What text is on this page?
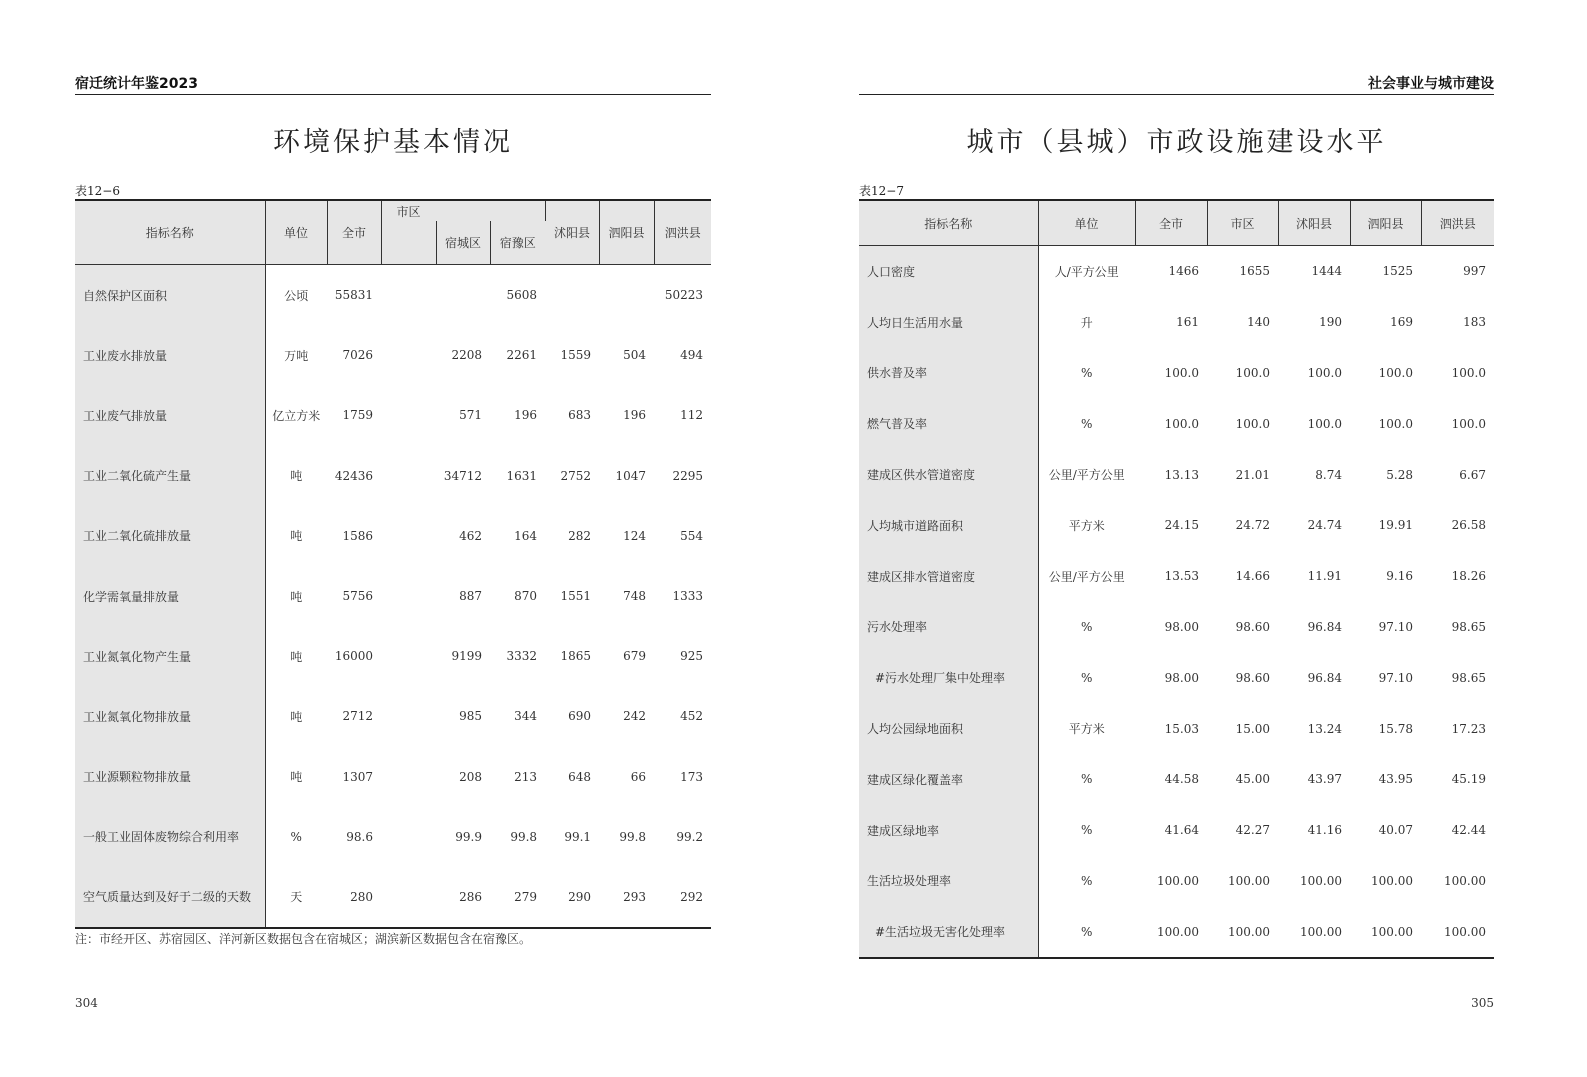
宿迁统计年鉴2023
环境保护基本情况
表12−6
指标名称	单位	全市	市区			沭阳县	泗阳县	泗洪县
				宿城区	宿豫区			
自然保护区面积	公顷	55831			5608			50223
工业废水排放量	万吨	7026		2208	2261	1559	504	494
工业废气排放量	亿立方米	1759		571	196	683	196	112
工业二氧化硫产生量	吨	42436		34712	1631	2752	1047	2295
工业二氧化硫排放量	吨	1586		462	164	282	124	554
化学需氧量排放量	吨	5756		887	870	1551	748	1333
工业氮氧化物产生量	吨	16000		9199	3332	1865	679	925
工业氮氧化物排放量	吨	2712		985	344	690	242	452
工业源颗粒物排放量	吨	1307		208	213	648	66	173
一般工业固体废物综合利用率	%	98.6		99.9	99.8	99.1	99.8	99.2
空气质量达到及好于二级的天数	天	280		286	279	290	293	292
注：市经开区、苏宿园区、洋河新区数据包含在宿城区；湖滨新区数据包含在宿豫区。
304
社会事业与城市建设
城市（县城）市政设施建设水平
表12−7
305
指标名称	单位	全市	市区	沭阳县	泗阳县	泗洪县
人口密度	人/平方公里	1466	1655	1444	1525	997
人均日生活用水量	升	161	140	190	169	183
供水普及率	%	100.0	100.0	100.0	100.0	100.0
燃气普及率	%	100.0	100.0	100.0	100.0	100.0
建成区供水管道密度	公里/平方公里	13.13	21.01	8.74	5.28	6.67
人均城市道路面积	平方米	24.15	24.72	24.74	19.91	26.58
建成区排水管道密度	公里/平方公里	13.53	14.66	11.91	9.16	18.26
污水处理率	%	98.00	98.60	96.84	97.10	98.65
#污水处理厂集中处理率	%	98.00	98.60	96.84	97.10	98.65
人均公园绿地面积	平方米	15.03	15.00	13.24	15.78	17.23
建成区绿化覆盖率	%	44.58	45.00	43.97	43.95	45.19
建成区绿地率	%	41.64	42.27	41.16	40.07	42.44
生活垃圾处理率	%	100.00	100.00	100.00	100.00	100.00
#生活垃圾无害化处理率	%	100.00	100.00	100.00	100.00	100.00
